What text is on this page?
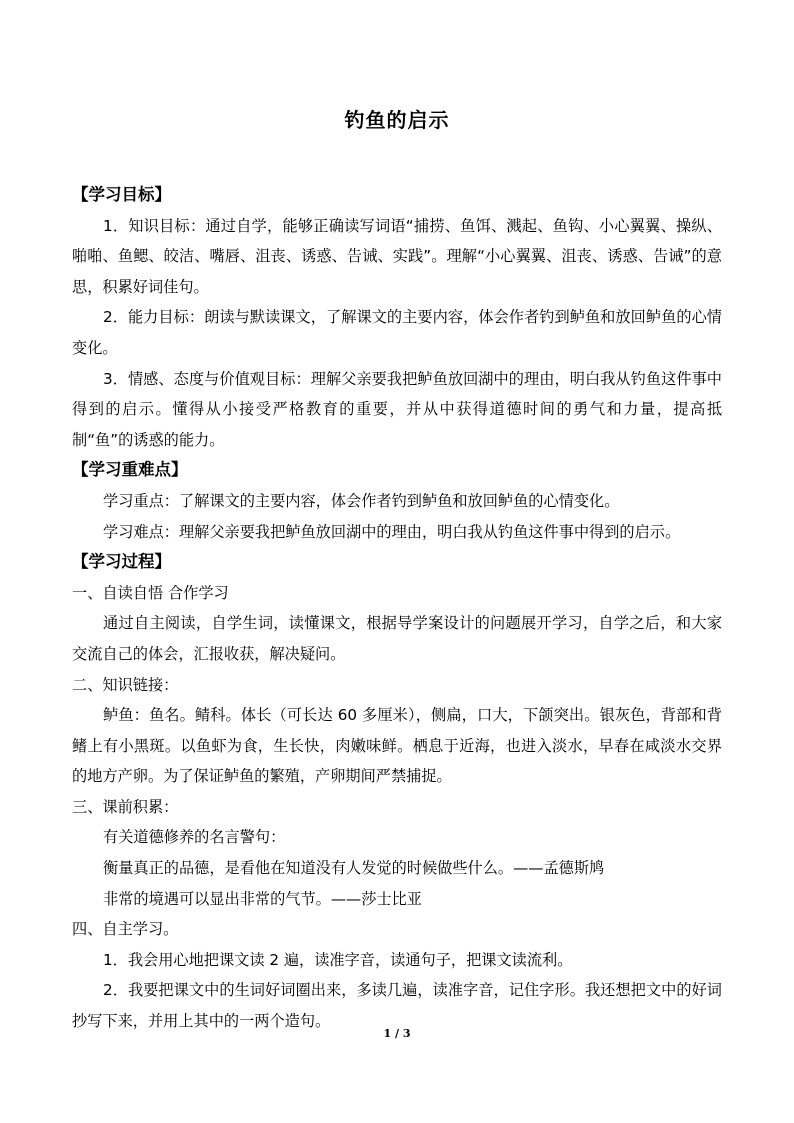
钓鱼的启示

【学习目标】

1．知识目标：通过自学，能够正确读写词语“捕捞、鱼饵、溅起、鱼钩、小心翼翼、操纵、啪啪、鱼鳃、皎洁、嘴唇、沮丧、诱惑、告诫、实践”。理解“小心翼翼、沮丧、诱惑、告诫”的意思，积累好词佳句。

2．能力目标：朗读与默读课文，了解课文的主要内容，体会作者钓到鲈鱼和放回鲈鱼的心情变化。

3．情感、态度与价值观目标：理解父亲要我把鲈鱼放回湖中的理由，明白我从钓鱼这件事中得到的启示。懂得从小接受严格教育的重要，并从中获得道德时间的勇气和力量，提高抵制“鱼”的诱惑的能力。

【学习重难点】

学习重点：了解课文的主要内容，体会作者钓到鲈鱼和放回鲈鱼的心情变化。

学习难点：理解父亲要我把鲈鱼放回湖中的理由，明白我从钓鱼这件事中得到的启示。

【学习过程】

一、自读自悟 合作学习

通过自主阅读，自学生词，读懂课文，根据导学案设计的问题展开学习，自学之后，和大家交流自己的体会，汇报收获，解决疑问。

二、知识链接：

鲈鱼：鱼名。鲭科。体长（可长达 60 多厘米），侧扁，口大，下颌突出。银灰色，背部和背鳍上有小黑斑。以鱼虾为食，生长快，肉嫩味鲜。栖息于近海，也进入淡水，早春在咸淡水交界的地方产卵。为了保证鲈鱼的繁殖，产卵期间严禁捕捉。

三、课前积累：

有关道德修养的名言警句：

衡量真正的品德，是看他在知道没有人发觉的时候做些什么。——孟德斯鸠

非常的境遇可以显出非常的气节。——莎士比亚

四、自主学习。

1．我会用心地把课文读 2 遍，读准字音，读通句子，把课文读流利。

2．我要把课文中的生词好词圈出来，多读几遍，读准字音，记住字形。我还想把文中的好词抄写下来，并用上其中的一两个造句。

1 / 3
